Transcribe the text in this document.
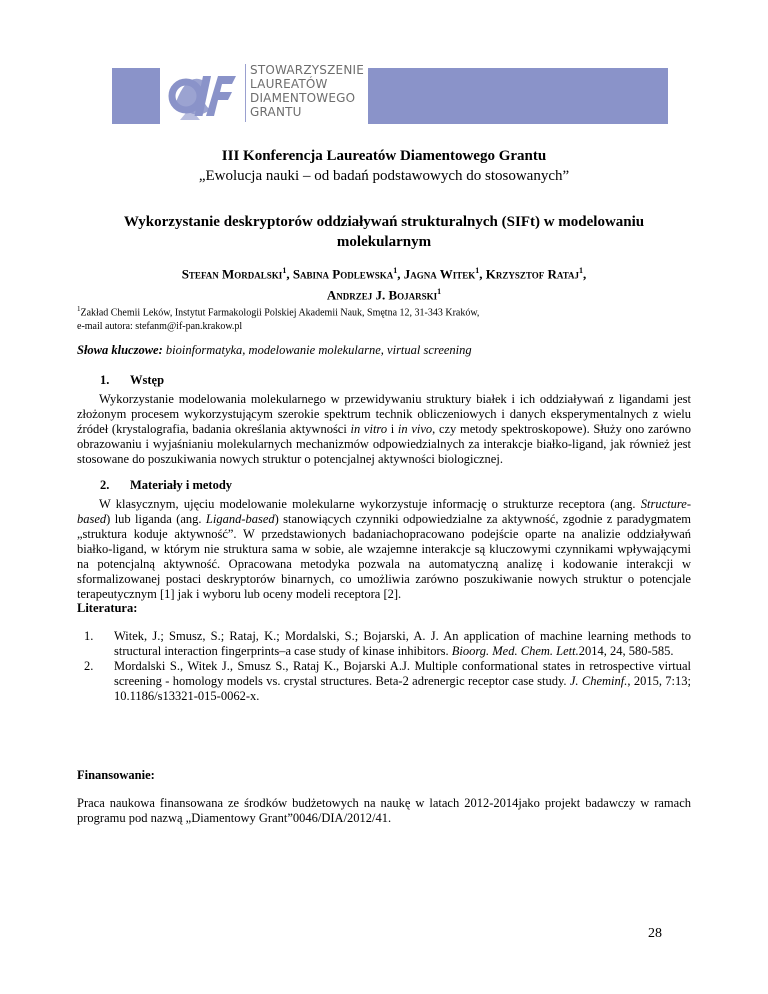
STOWARZYSZENIE
LAUREATÓW
DIAMENTOWEGO
GRANTU
III Konferencja Laureatów Diamentowego Grantu
„Ewolucja nauki – od badań podstawowych do stosowanych”
Wykorzystanie deskryptorów oddziaływań strukturalnych (SIFt) w modelowaniu molekularnym
Stefan Mordalski$^1$, Sabina Podlewska$^1$, Jagna Witek$^1$, Krzysztof Rataj$^1$,
Andrzej J. Bojarski$^1$
$^1$Zakład Chemii Leków, Instytut Farmakologii Polskiej Akademii Nauk, Smętna 12, 31-343 Kraków,
e-mail autora: stefanm@if-pan.krakow.pl
Słowa kluczowe: bioinformatyka, modelowanie molekularne, virtual screening
1. Wstęp
Wykorzystanie modelowania molekularnego w przewidywaniu struktury białek i ich oddziaływań z ligandami jest złożonym procesem wykorzystującym szerokie spektrum technik obliczeniowych i danych eksperymentalnych z wielu źródeł (krystalografia, badania określania aktywności in vitro i in vivo, czy metody spektroskopowe). Służy ono zarówno obrazowaniu i wyjaśnianiu molekularnych mechanizmów odpowiedzialnych za interakcje białko-ligand, jak również jest stosowane do poszukiwania nowych struktur o potencjalnej aktywności biologicznej.
2. Materiały i metody
W klasycznym, ujęciu modelowanie molekularne wykorzystuje informację o strukturze receptora (ang. Structure-based) lub liganda (ang. Ligand-based) stanowiących czynniki odpowiedzialne za aktywność, zgodnie z paradygmatem „struktura koduje aktywność”. W przedstawionych badaniachopracowano podejście oparte na analizie oddziaływań białko-ligand, w którym nie struktura sama w sobie, ale wzajemne interakcje są kluczowymi czynnikami wpływającymi na potencjalną aktywność. Opracowana metodyka pozwala na automatyczną analizę i kodowanie interakcji w sformalizowanej postaci deskryptorów binarnych, co umożliwia zarówno poszukiwanie nowych struktur o potencjale terapeutycznym [1] jak i wyboru lub oceny modeli receptora [2].
Literatura:
1.	Witek, J.; Smusz, S.; Rataj, K.; Mordalski, S.; Bojarski, A. J. An application of machine learning methods to structural interaction fingerprints–a case study of kinase inhibitors. Bioorg. Med. Chem. Lett.2014, 24, 580-585.
2.	Mordalski S., Witek J., Smusz S., Rataj K., Bojarski A.J. Multiple conformational states in retrospective virtual screening - homology models vs. crystal structures. Beta-2 adrenergic receptor case study. J. Cheminf., 2015, 7:13; 10.1186/s13321-015-0062-x.
Finansowanie:
Praca naukowa finansowana ze środków budżetowych na naukę w latach 2012-2014jako projekt badawczy w ramach programu pod nazwą „Diamentowy Grant”0046/DIA/2012/41.
28
